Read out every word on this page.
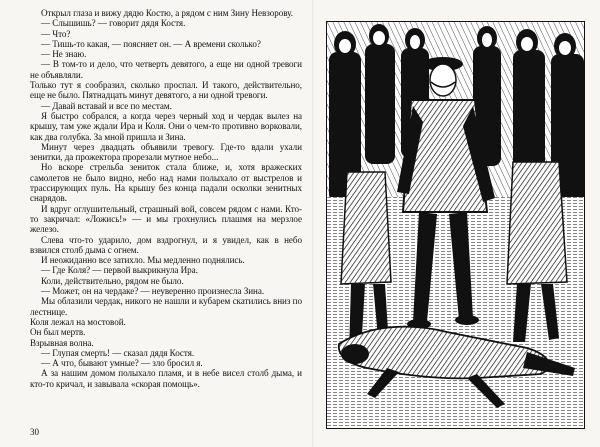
Открыл глаза и вижу дядю Костю, а рядом с ним Зину Невзорову.

— Слышишь? — говорит дядя Костя.

— Что?

— Тишь-то какая, — поясняет он. — А времени сколько?

— Не знаю.

— В том-то и дело, что четверть девятого, а еще ни одной тревоги не объявляли.

Только тут я сообразил, сколько проспал. И такого, действительно, еще не было. Пятнадцать минут девятого, а ни одной тревоги.

— Давай вставай и все по местам.

Я быстро собрался, а когда через черный ход и чердак вылез на крышу, там уже ждали Ира и Коля. Они о чем-то противно ворковали, как два голубка. За мной пришла и Зина.

Минут через двадцать объявили тревогу. Где-то вдали ухали зенитки, да прожектора прорезали мутное небо...

Но вскоре стрельба зениток стала ближе, и, хотя вражеских самолетов не было видно, небо над нами полыхало от выстрелов и трассирующих пуль. На крышу без конца падали осколки зенитных снарядов.

И вдруг оглушительный, страшный вой, совсем рядом с нами. Кто-то закричал: «Ложись!» — и мы грохнулись плашмя на мерзлое железо.

Слева что-то ударило, дом вздрогнул, и я увидел, как в небо взвился столб дыма с огнем.

И неожиданно все затихло. Мы медленно поднялись.

— Где Коля? — первой выкрикнула Ира.

Коли, действительно, рядом не было.

— Может, он на чердаке? — неуверенно произнесла Зина.

Мы облазили чердак, никого не нашли и кубарем скатились вниз по лестнице.

Коля лежал на мостовой.

Он был мертв.

Взрывная волна.

— Глупая смерть! — сказал дядя Костя.

— А что, бывают умные? — зло бросил я.

А за нашим домом полыхало пламя, и в небе висел столб дыма, и кто-то кричал, и завывала «скорая помощь».

30
